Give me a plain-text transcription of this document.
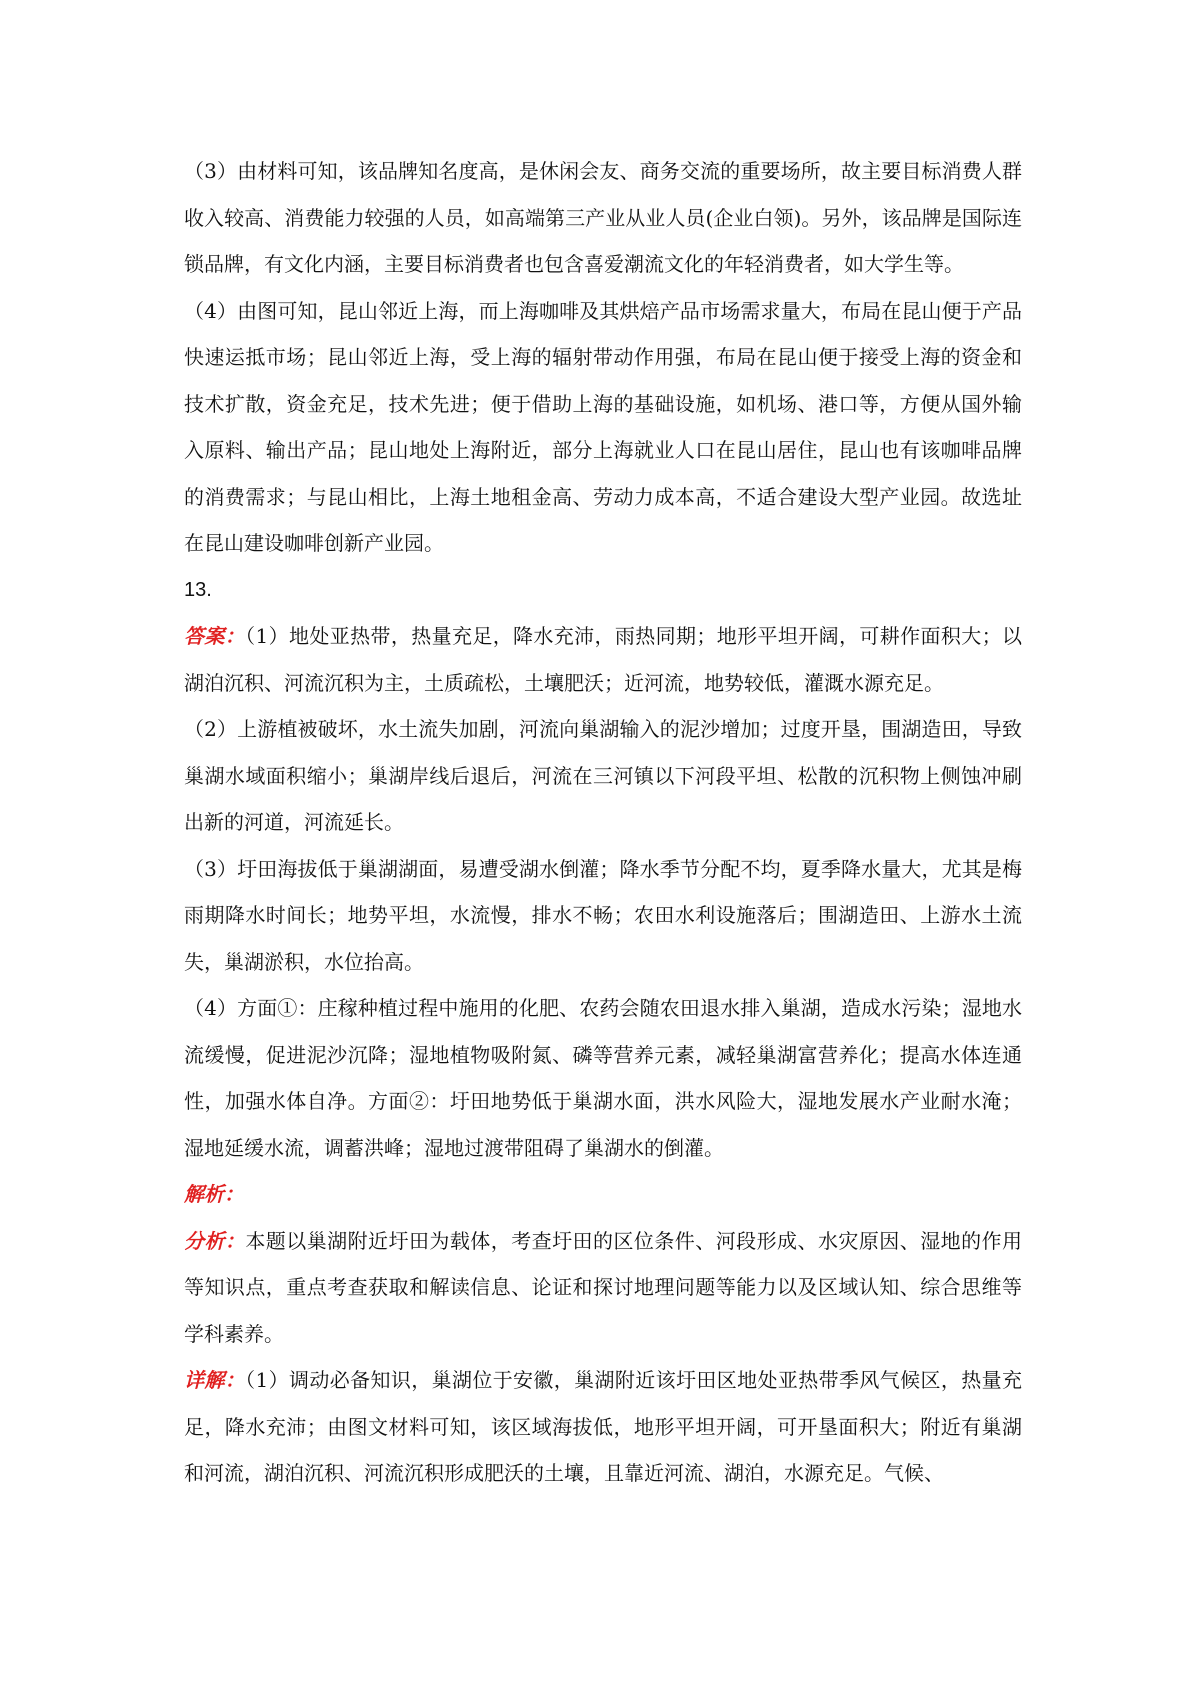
（3）由材料可知，该品牌知名度高，是休闲会友、商务交流的重要场所，故主要目标消费人群收入较高、消费能力较强的人员，如高端第三产业从业人员(企业白领)。另外，该品牌是国际连锁品牌，有文化内涵，主要目标消费者也包含喜爱潮流文化的年轻消费者，如大学生等。

（4）由图可知，昆山邻近上海，而上海咖啡及其烘焙产品市场需求量大，布局在昆山便于产品快速运抵市场；昆山邻近上海，受上海的辐射带动作用强，布局在昆山便于接受上海的资金和技术扩散，资金充足，技术先进；便于借助上海的基础设施，如机场、港口等，方便从国外输入原料、输出产品；昆山地处上海附近，部分上海就业人口在昆山居住，昆山也有该咖啡品牌的消费需求；与昆山相比，上海土地租金高、劳动力成本高，不适合建设大型产业园。故选址在昆山建设咖啡创新产业园。

13.

答案：（1）地处亚热带，热量充足，降水充沛，雨热同期；地形平坦开阔，可耕作面积大；以湖泊沉积、河流沉积为主，土质疏松，土壤肥沃；近河流，地势较低，灌溉水源充足。

（2）上游植被破坏，水土流失加剧，河流向巢湖输入的泥沙增加；过度开垦，围湖造田，导致巢湖水域面积缩小；巢湖岸线后退后，河流在三河镇以下河段平坦、松散的沉积物上侧蚀冲刷出新的河道，河流延长。

（3）圩田海拔低于巢湖湖面，易遭受湖水倒灌；降水季节分配不均，夏季降水量大，尤其是梅雨期降水时间长；地势平坦，水流慢，排水不畅；农田水利设施落后；围湖造田、上游水土流失，巢湖淤积，水位抬高。

（4）方面①：庄稼种植过程中施用的化肥、农药会随农田退水排入巢湖，造成水污染；湿地水流缓慢，促进泥沙沉降；湿地植物吸附氮、磷等营养元素，减轻巢湖富营养化；提高水体连通性，加强水体自净。方面②：圩田地势低于巢湖水面，洪水风险大，湿地发展水产业耐水淹；湿地延缓水流，调蓄洪峰；湿地过渡带阻碍了巢湖水的倒灌。

解析：

分析：本题以巢湖附近圩田为载体，考查圩田的区位条件、河段形成、水灾原因、湿地的作用等知识点，重点考查获取和解读信息、论证和探讨地理问题等能力以及区域认知、综合思维等学科素养。

详解：（1）调动必备知识，巢湖位于安徽，巢湖附近该圩田区地处亚热带季风气候区，热量充足，降水充沛；由图文材料可知，该区域海拔低，地形平坦开阔，可开垦面积大；附近有巢湖和河流，湖泊沉积、河流沉积形成肥沃的土壤，且靠近河流、湖泊，水源充足。气候、
